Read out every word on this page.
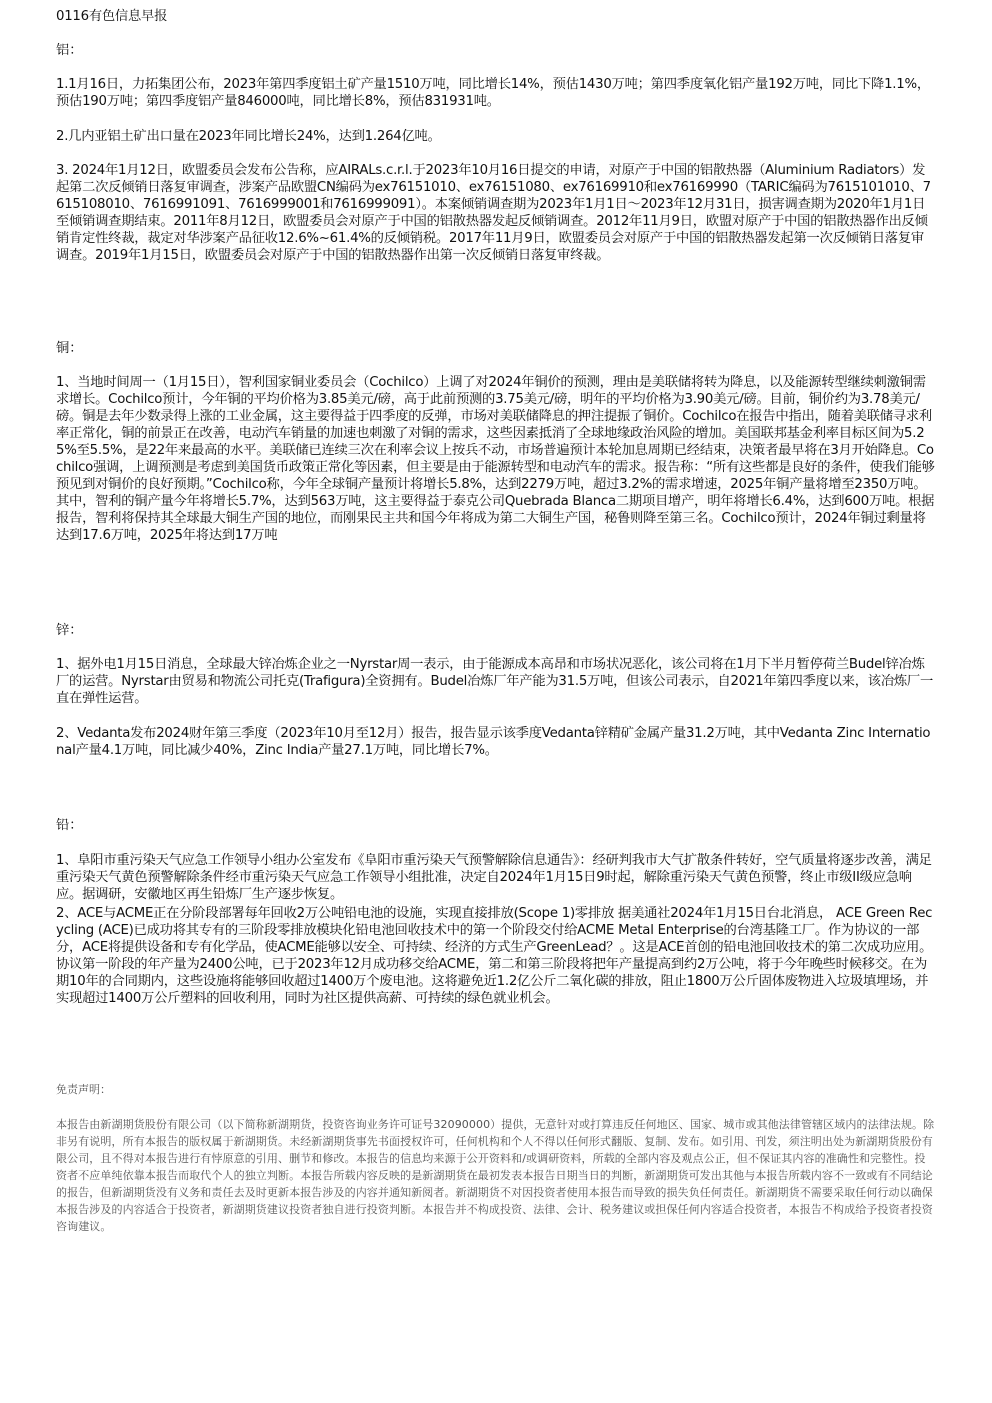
0116有色信息早报
铝：
1.1月16日，力拓集团公布，2023年第四季度铝土矿产量1510万吨，同比增长14%，预估1430万吨；第四季度氧化铝产量192万吨，同比下降1.1%，预估190万吨；第四季度铝产量846000吨，同比增长8%，预估831931吨。
2.几内亚铝土矿出口量在2023年同比增长24%，达到1.264亿吨。
3. 2024年1月12日，欧盟委员会发布公告称，应AIRALs.c.r.l.于2023年10月16日提交的申请，对原产于中国的铝散热器（Aluminium Radiators）发起第二次反倾销日落复审调查，涉案产品欧盟CN编码为ex76151010、ex76151080、ex76169910和ex76169990（TARIC编码为7615101010、7615108010、7616991091、7616999001和7616999091）。本案倾销调查期为2023年1月1日～2023年12月31日，损害调查期为2020年1月1日至倾销调查期结束。2011年8月12日，欧盟委员会对原产于中国的铝散热器发起反倾销调查。2012年11月9日，欧盟对原产于中国的铝散热器作出反倾销肯定性终裁，裁定对华涉案产品征收12.6%~61.4%的反倾销税。2017年11月9日，欧盟委员会对原产于中国的铝散热器发起第一次反倾销日落复审调查。2019年1月15日，欧盟委员会对原产于中国的铝散热器作出第一次反倾销日落复审终裁。
铜：
1、当地时间周一（1月15日），智利国家铜业委员会（Cochilco）上调了对2024年铜价的预测，理由是美联储将转为降息，以及能源转型继续刺激铜需求增长。Cochilco预计，今年铜的平均价格为3.85美元/磅，高于此前预测的3.75美元/磅，明年的平均价格为3.90美元/磅。目前，铜价约为3.78美元/磅。铜是去年少数录得上涨的工业金属，这主要得益于四季度的反弹，市场对美联储降息的押注提振了铜价。Cochilco在报告中指出，随着美联储寻求利率正常化，铜的前景正在改善，电动汽车销量的加速也刺激了对铜的需求，这些因素抵消了全球地缘政治风险的增加。美国联邦基金利率目标区间为5.25%至5.5%，是22年来最高的水平。美联储已连续三次在利率会议上按兵不动，市场普遍预计本轮加息周期已经结束，决策者最早将在3月开始降息。Cochilco强调，上调预测是考虑到美国货币政策正常化等因素，但主要是由于能源转型和电动汽车的需求。报告称：“所有这些都是良好的条件，使我们能够预见到对铜价的良好预期。”Cochilco称，今年全球铜产量预计将增长5.8%，达到2279万吨，超过3.2%的需求增速，2025年铜产量将增至2350万吨。其中，智利的铜产量今年将增长5.7%，达到563万吨，这主要得益于泰克公司Quebrada Blanca二期项目增产，明年将增长6.4%，达到600万吨。根据报告，智利将保持其全球最大铜生产国的地位，而刚果民主共和国今年将成为第二大铜生产国，秘鲁则降至第三名。Cochilco预计，2024年铜过剩量将达到17.6万吨，2025年将达到17万吨
锌：
1、据外电1月15日消息，全球最大锌冶炼企业之一Nyrstar周一表示，由于能源成本高昂和市场状况恶化，该公司将在1月下半月暂停荷兰Budel锌冶炼厂的运营。Nyrstar由贸易和物流公司托克(Trafigura)全资拥有。Budel冶炼厂年产能为31.5万吨，但该公司表示，自2021年第四季度以来，该冶炼厂一直在弹性运营。
2、Vedanta发布2024财年第三季度（2023年10月至12月）报告，报告显示该季度Vedanta锌精矿金属产量31.2万吨，其中Vedanta Zinc International产量4.1万吨，同比减少40%，Zinc India产量27.1万吨，同比增长7%。
铅：
1、阜阳市重污染天气应急工作领导小组办公室发布《阜阳市重污染天气预警解除信息通告》：经研判我市大气扩散条件转好，空气质量将逐步改善，满足重污染天气黄色预警解除条件经市重污染天气应急工作领导小组批准，决定自2024年1月15日9时起，解除重污染天气黄色预警，终止市级II级应急响应。据调研，安徽地区再生铅炼厂生产逐步恢复。
2、ACE与ACME正在分阶段部署每年回收2万公吨铅电池的设施，实现直接排放(Scope 1)零排放 据美通社2024年1月15日台北消息， ACE Green Recycling (ACE)已成功将其专有的三阶段零排放模块化铅电池回收技术中的第一个阶段交付给ACME Metal Enterprise的台湾基隆工厂。作为协议的一部分，ACE将提供设备和专有化学品，使ACME能够以安全、可持续、经济的方式生产GreenLead？。这是ACE首创的铅电池回收技术的第二次成功应用。协议第一阶段的年产量为2400公吨，已于2023年12月成功移交给ACME，第二和第三阶段将把年产量提高到约2万公吨，将于今年晚些时候移交。在为期10年的合同期内，这些设施将能够回收超过1400万个废电池。这将避免近1.2亿公斤二氧化碳的排放，阻止1800万公斤固体废物进入垃圾填埋场，并实现超过1400万公斤塑料的回收利用，同时为社区提供高薪、可持续的绿色就业机会。
免责声明：
本报告由新湖期货股份有限公司（以下简称新湖期货，投资咨询业务许可证号32090000）提供，无意针对或打算违反任何地区、国家、城市或其他法律管辖区域内的法律法规。除非另有说明，所有本报告的版权属于新湖期货。未经新湖期货事先书面授权许可，任何机构和个人不得以任何形式翻版、复制、发布。如引用、刊发，须注明出处为新湖期货股份有限公司，且不得对本报告进行有悖原意的引用、删节和修改。本报告的信息均来源于公开资料和/或调研资料，所载的全部内容及观点公正，但不保证其内容的准确性和完整性。投资者不应单纯依靠本报告而取代个人的独立判断。本报告所载内容反映的是新湖期货在最初发表本报告日期当日的判断，新湖期货可发出其他与本报告所载内容不一致或有不同结论的报告，但新湖期货没有义务和责任去及时更新本报告涉及的内容并通知新阅者。新湖期货不对因投资者使用本报告而导致的损失负任何责任。新湖期货不需要采取任何行动以确保本报告涉及的内容适合于投资者，新湖期货建议投资者独自进行投资判断。本报告并不构成投资、法律、会计、税务建议或担保任何内容适合投资者，本报告不构成给予投资者投资咨询建议。
